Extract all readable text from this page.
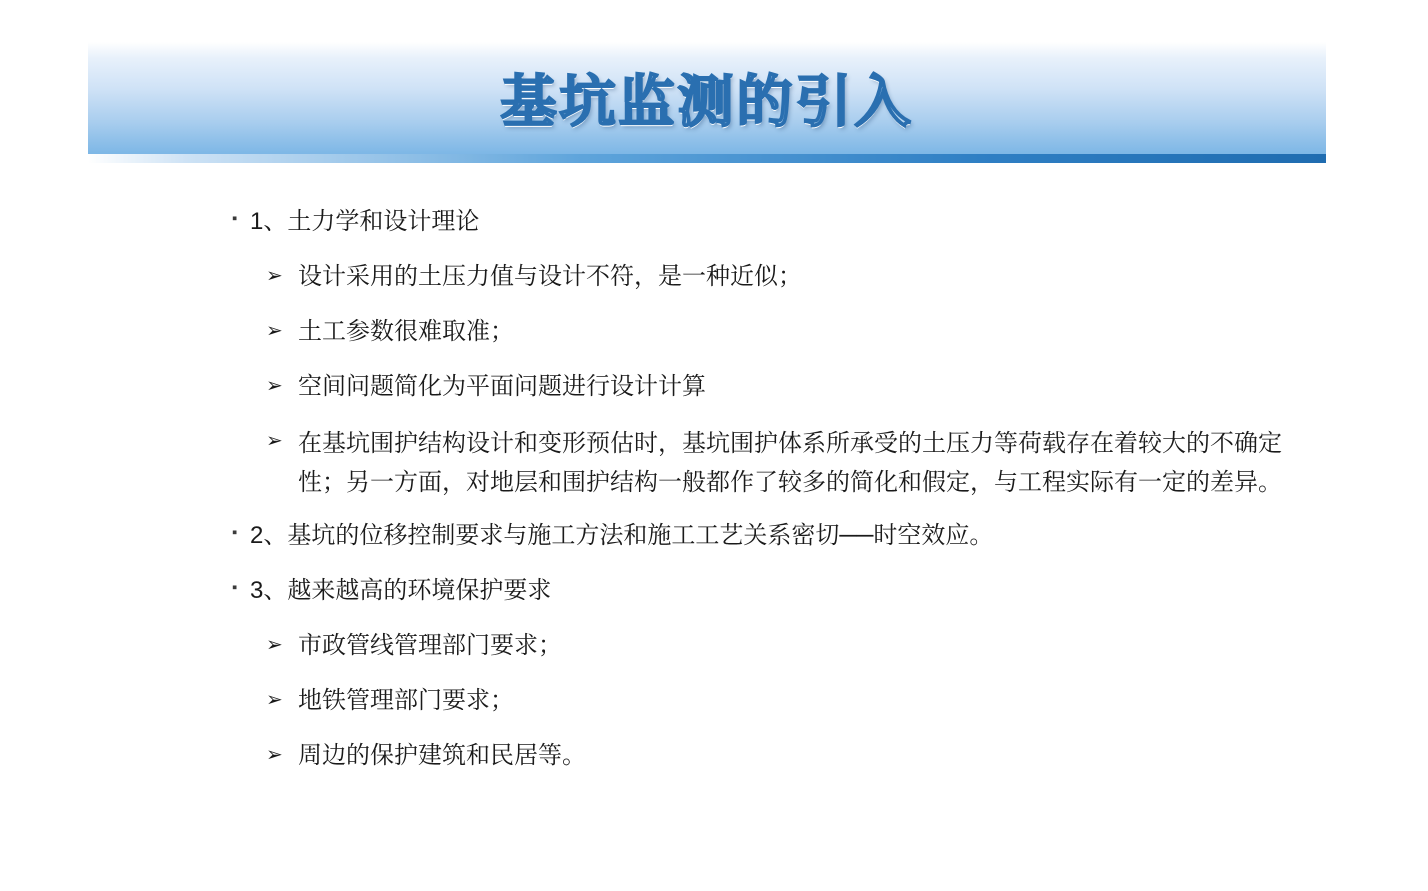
基坑监测的引入
▪ 1、土力学和设计理论
➢ 设计采用的土压力值与设计不符，是一种近似；
➢ 土工参数很难取准；
➢ 空间问题简化为平面问题进行设计计算
➢ 在基坑围护结构设计和变形预估时，基坑围护体系所承受的土压力等荷载存在着较大的不确定性；另一方面，对地层和围护结构一般都作了较多的简化和假定，与工程实际有一定的差异。
▪ 2、基坑的位移控制要求与施工方法和施工工艺关系密切──时空效应。
▪ 3、越来越高的环境保护要求
➢ 市政管线管理部门要求；
➢ 地铁管理部门要求；
➢ 周边的保护建筑和民居等。
